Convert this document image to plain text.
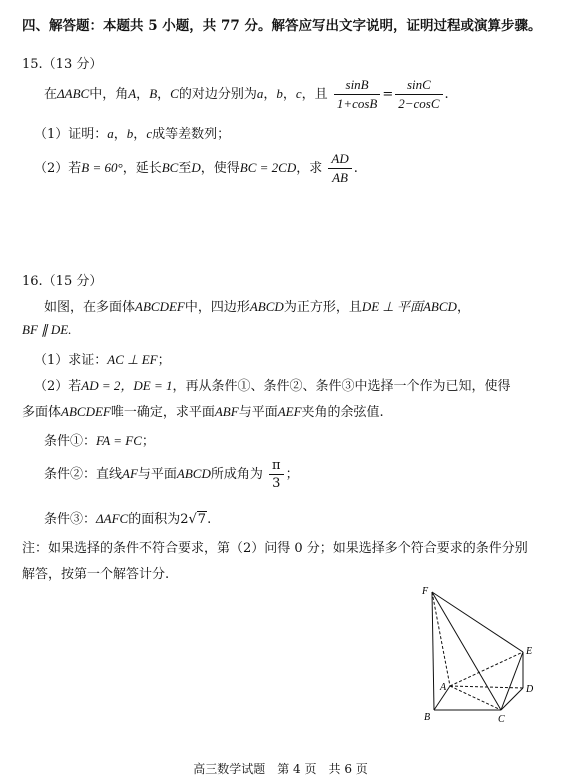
四、解答题：本题共 5 小题，共 77 分。解答应写出文字说明，证明过程或演算步骤。
15.（13 分）
在ΔABC中，角A，B，C的对边分别为a，b，c，且 $\frac{\sin B}{1+\cos B} = \frac{\sin C}{2-\cos C}$ .
（1）证明：a，b，c成等差数列；
（2）若B = 60°，延长BC至D，使得BC = 2CD，求 $\frac{AD}{AB}$ .
16.（15 分）
如图，在多面体ABCDEF中，四边形ABCD为正方形，且DE ⊥ 平面ABCD，
BF ∥ DE.
（1）求证：AC ⊥ EF；
（2）若AD = 2，DE = 1，再从条件①、条件②、条件③中选择一个作为已知，使得
多面体ABCDEF唯一确定，求平面ABF与平面AEF夹角的余弦值.
条件①：FA = FC；
条件②：直线AF与平面ABCD所成角为 $\frac{\pi}{3}$ ；
条件③：ΔAFC的面积为2√7.
注：如果选择的条件不符合要求，第（2）问得 0 分；如果选择多个符合要求的条件分别
解答，按第一个解答计分.
F
E
A	D
B	C
高三数学试题　第 4 页　共 6 页
